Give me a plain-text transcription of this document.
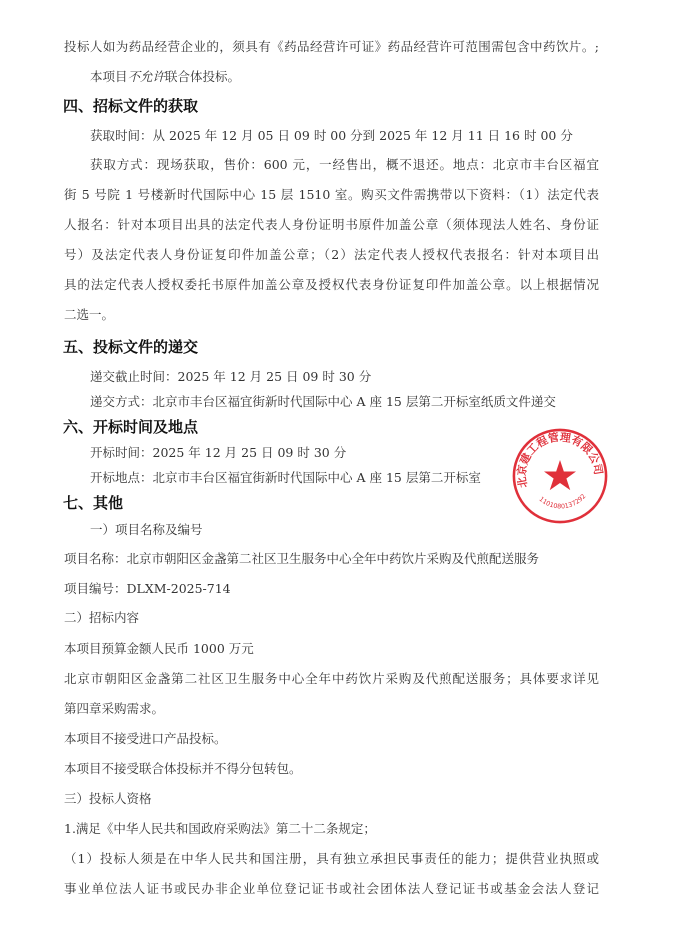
投标人如为药品经营企业的，须具有《药品经营许可证》药品经营许可范围需包含中药饮片。;
本项目不允许联合体投标。
四、招标文件的获取
获取时间：从 2025 年 12 月 05 日 09 时 00 分到 2025 年 12 月 11 日 16 时 00 分
获取方式：现场获取，售价：600 元，一经售出，概不退还。地点：北京市丰台区福宜
街 5 号院 1 号楼新时代国际中心 15 层 1510 室。购买文件需携带以下资料：（1）法定代表
人报名：针对本项目出具的法定代表人身份证明书原件加盖公章（须体现法人姓名、身份证
号）及法定代表人身份证复印件加盖公章；（2）法定代表人授权代表报名：针对本项目出
具的法定代表人授权委托书原件加盖公章及授权代表身份证复印件加盖公章。以上根据情况
二选一。
五、投标文件的递交
递交截止时间：2025 年 12 月 25 日 09 时 30 分
递交方式：北京市丰台区福宜街新时代国际中心 A 座 15 层第二开标室纸质文件递交
六、开标时间及地点
开标时间：2025 年 12 月 25 日 09 时 30 分
开标地点：北京市丰台区福宜街新时代国际中心 A 座 15 层第二开标室
七、其他
一）项目名称及编号
项目名称：北京市朝阳区金盏第二社区卫生服务中心全年中药饮片采购及代煎配送服务
项目编号：DLXM-2025-714
二）招标内容
本项目预算金额人民币 1000 万元
北京市朝阳区金盏第二社区卫生服务中心全年中药饮片采购及代煎配送服务；具体要求详见
第四章采购需求。
本项目不接受进口产品投标。
本项目不接受联合体投标并不得分包转包。
三）投标人资格
1.满足《中华人民共和国政府采购法》第二十二条规定；
（1）投标人须是在中华人民共和国注册，具有独立承担民事责任的能力；提供营业执照或
事业单位法人证书或民办非企业单位登记证书或社会团体法人登记证书或基金会法人登记
北京建工程管理有限公司
1101080137292
